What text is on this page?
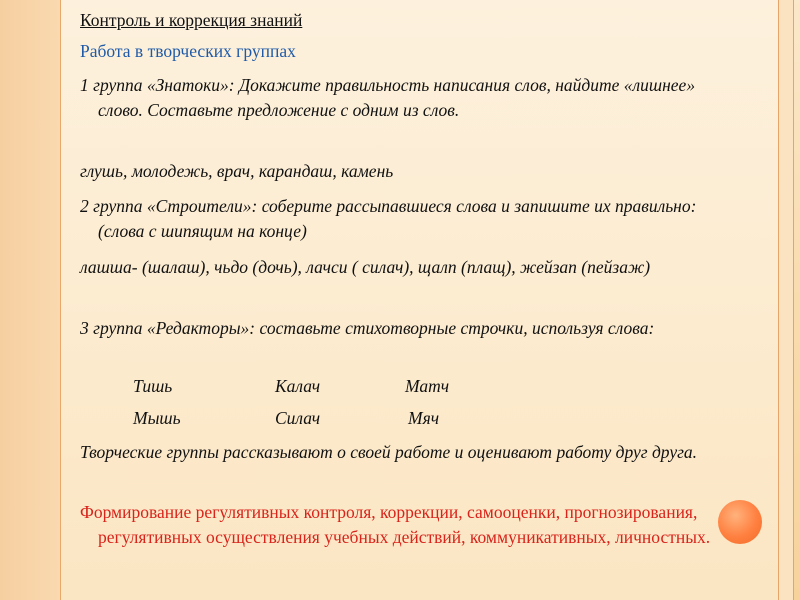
Контроль и коррекция знаний

Работа в творческих группах

1 группа «Знатоки»: Докажите правильность написания слов, найдите «лишнее» слово. Составьте предложение с одним из слов.

глушь, молодежь, врач, карандаш, камень

2 группа «Строители»: соберите рассыпавшиеся слова и запишите их правильно: (слова с шипящим на конце)

лашша- (шалаш), чьдо (дочь), лачси ( силач), щалп (плащ), жейзап (пейзаж)

3 группа «Редакторы»: составьте стихотворные строчки, используя слова:

Тишь	Калач	Матч
Мышь	Силач	Мяч

Творческие группы рассказывают о своей работе и оценивают работу друг друга.

Формирование регулятивных контроля, коррекции, самооценки, прогнозирования, регулятивных осуществления учебных действий, коммуникативных, личностных.
